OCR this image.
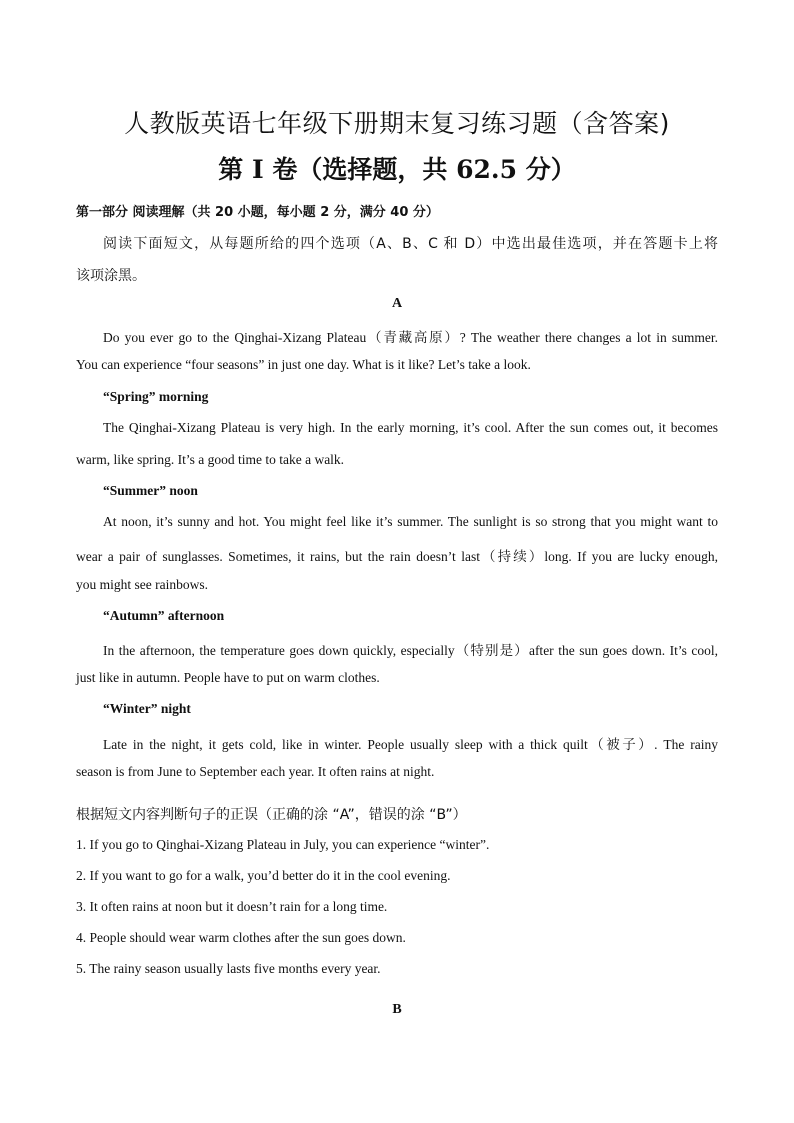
人教版英语七年级下册期末复习练习题（含答案)
第 I 卷（选择题，共 62.5 分）
第一部分 阅读理解（共 20 小题，每小题 2 分，满分 40 分）
阅读下面短文，从每题所给的四个选项（A、B、C 和 D）中选出最佳选项，并在答题卡上将
该项涂黑。
A
Do you ever go to the Qinghai-Xizang Plateau（青藏高原）? The weather there changes a lot in summer.
You can experience “four seasons” in just one day. What is it like? Let’s take a look.
“Spring” morning
The Qinghai-Xizang Plateau is very high. In the early morning, it’s cool. After the sun comes out, it becomes
warm, like spring. It’s a good time to take a walk.
“Summer” noon
At noon, it’s sunny and hot. You might feel like it’s summer. The sunlight is so strong that you might want to
wear a pair of sunglasses. Sometimes, it rains, but the rain doesn’t last（持续）long. If you are lucky enough,
you might see rainbows.
“Autumn” afternoon
In the afternoon, the temperature goes down quickly, especially（特别是）after the sun goes down. It’s cool,
just like in autumn. People have to put on warm clothes.
“Winter” night
Late in the night, it gets cold, like in winter. People usually sleep with a thick quilt（被子）. The rainy
season is from June to September each year. It often rains at night.
根据短文内容判断句子的正误（正确的涂 “A”，错误的涂 “B”）
1. If you go to Qinghai-Xizang Plateau in July, you can experience “winter”.
2. If you want to go for a walk, you’d better do it in the cool evening.
3. It often rains at noon but it doesn’t rain for a long time.
4. People should wear warm clothes after the sun goes down.
5. The rainy season usually lasts five months every year.
B
